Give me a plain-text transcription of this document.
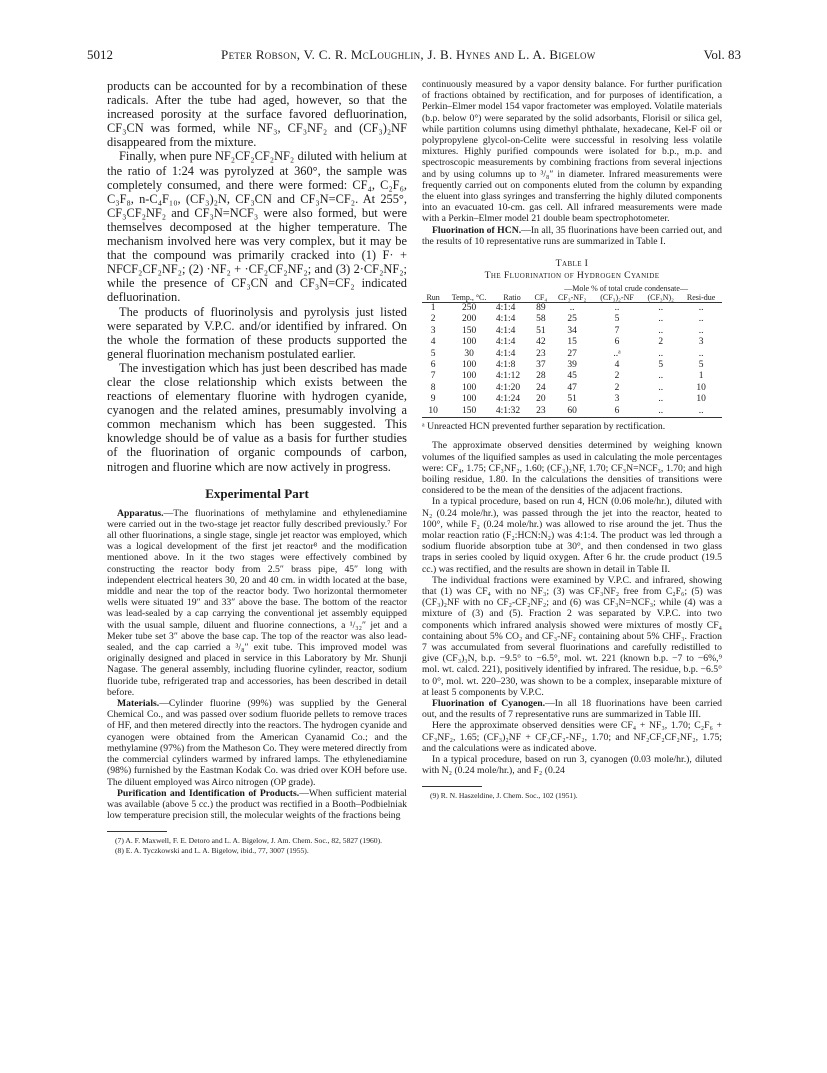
5012	Peter Robson, V. C. R. McLoughlin, J. B. Hynes and L. A. Bigelow	Vol. 83

products can be accounted for by a recombination of these radicals. After the tube had aged, however, so that the increased porosity at the surface favored defluorination, CF₃CN was formed, while NF₃, CF₃NF₂ and (CF₃)₂NF disappeared from the mixture.

Finally, when pure NF₂CF₂CF₂NF₂ diluted with helium at the ratio of 1:24 was pyrolyzed at 360°, the sample was completely consumed, and there were formed: CF₄, C₂F₆, C₃F₈, n-C₄F₁₀, (CF₃)₂N, CF₃CN and CF₃N=CF₂. At 255°, CF₃CF₂NF₂ and CF₃N=NCF₃ were also formed, but were themselves decomposed at the higher temperature. The mechanism involved here was very complex, but it may be that the compound was primarily cracked into (1) F· + NFCF₂CF₂NF₂; (2) ·NF₂ + ·CF₂CF₂NF₂; and (3) 2·CF₂NF₂; while the presence of CF₃CN and CF₃N=CF₂ indicated defluorination.

The products of fluorinolysis and pyrolysis just listed were separated by V.P.C. and/or identified by infrared. On the whole the formation of these products supported the general fluorination mechanism postulated earlier.

The investigation which has just been described has made clear the close relationship which exists between the reactions of elementary fluorine with hydrogen cyanide, cyanogen and the related amines, presumably involving a common mechanism which has been suggested. This knowledge should be of value as a basis for further studies of the fluorination of organic compounds of carbon, nitrogen and fluorine which are now actively in progress.

Experimental Part

Apparatus.—The fluorinations of methylamine and ethylenediamine were carried out in the two-stage jet reactor fully described previously.⁷ For all other fluorinations, a single stage, single jet reactor was employed, which was a logical development of the first jet reactor⁸ and the modification mentioned above. In it the two stages were effectively combined by constructing the reactor body from 2.5″ brass pipe, 45″ long with independent electrical heaters 30, 20 and 40 cm. in width located at the base, middle and near the top of the reactor body. Two horizontal thermometer wells were situated 19″ and 33″ above the base. The bottom of the reactor was lead-sealed by a cap carrying the conventional jet assembly equipped with the usual sample, diluent and fluorine connections, a ¹/₃₂″ jet and a Meker tube set 3″ above the base cap. The top of the reactor was also lead-sealed, and the cap carried a ³/₈″ exit tube. This improved model was originally designed and placed in service in this Laboratory by Mr. Shunji Nagase. The general assembly, including fluorine cylinder, reactor, sodium fluoride tube, refrigerated trap and accessories, has been described in detail before.

Materials.—Cylinder fluorine (99%) was supplied by the General Chemical Co., and was passed over sodium fluoride pellets to remove traces of HF, and then metered directly into the reactors. The hydrogen cyanide and cyanogen were obtained from the American Cyanamid Co.; and the methylamine (97%) from the Matheson Co. They were metered directly from the commercial cylinders warmed by infrared lamps. The ethylenediamine (98%) furnished by the Eastman Kodak Co. was dried over KOH before use. The diluent employed was Airco nitrogen (OP grade).

Purification and Identification of Products.—When sufficient material was available (above 5 cc.) the product was rectified in a Booth–Podbielniak low temperature precision still, the molecular weights of the fractions being

(7) A. F. Maxwell, F. E. Detoro and L. A. Bigelow, J. Am. Chem. Soc., 82, 5827 (1960).

(8) E. A. Tyczkowski and L. A. Bigelow, ibid., 77, 3007 (1955).

continuously measured by a vapor density balance. For further purification of fractions obtained by rectification, and for purposes of identification, a Perkin–Elmer model 154 vapor fractometer was employed. Volatile materials (b.p. below 0°) were separated by the solid adsorbants, Florisil or silica gel, while partition columns using dimethyl phthalate, hexadecane, Kel-F oil or polypropylene glycol-on-Celite were successful in resolving less volatile mixtures. Highly purified compounds were isolated for b.p., m.p. and spectroscopic measurements by combining fractions from several injections and by using columns up to ³/₈″ in diameter. Infrared measurements were frequently carried out on components eluted from the column by expanding the eluent into glass syringes and transferring the highly diluted components into an evacuated 10-cm. gas cell. All infrared measurements were made with a Perkin–Elmer model 21 double beam spectrophotometer.

Fluorination of HCN.—In all, 35 fluorinations have been carried out, and the results of 10 representative runs are summarized in Table I.

Table I
The Fluorination of Hydrogen Cyanide
			—Mole % of total crude condensate—				
Run	Temp., °C.	Ratio	CF₄	CF₃-NF₂	(CF₃)₂-NF	(CF₃N)₂	Resi-due
1	250	4:1:4	89	..	..	..	..
2	200	4:1:4	58	25	5	..	..
3	150	4:1:4	51	34	7	..	..
4	100	4:1:4	42	15	6	2	3
5	30	4:1:4	23	27	..ᵃ	..	..
6	100	4:1:8	37	39	4	5	5
7	100	4:1:12	28	45	2	..	1
8	100	4:1:20	24	47	2	..	10
9	100	4:1:24	20	51	3	..	10
10	150	4:1:32	23	60	6	..	..
ᵃ Unreacted HCN prevented further separation by rectification.

The approximate observed densities determined by weighing known volumes of the liquified samples as used in calculating the mole percentages were: CF₄, 1.75; CF₃NF₂, 1.60; (CF₃)₂NF, 1.70; CF₃N=NCF₃, 1.70; and high boiling residue, 1.80. In the calculations the densities of transitions were considered to be the mean of the densities of the adjacent fractions.

In a typical procedure, based on run 4, HCN (0.06 mole/hr.), diluted with N₂ (0.24 mole/hr.), was passed through the jet into the reactor, heated to 100°, while F₂ (0.24 mole/hr.) was allowed to rise around the jet. Thus the molar reaction ratio (F₂:HCN:N₂) was 4:1:4. The product was led through a sodium fluoride absorption tube at 30°, and then condensed in two glass traps in series cooled by liquid oxygen. After 6 hr. the crude product (19.5 cc.) was rectified, and the results are shown in detail in Table II.

The individual fractions were examined by V.P.C. and infrared, showing that (1) was CF₄ with no NF₃; (3) was CF₃NF₂ free from C₂F₆; (5) was (CF₃)₂NF with no CF₂-CF₂NF₂; and (6) was CF₃N=NCF₃; while (4) was a mixture of (3) and (5). Fraction 2 was separated by V.P.C. into two components which infrared analysis showed were mixtures of mostly CF₄ containing about 5% CO₂ and CF₃-NF₂ containing about 5% CHF₃. Fraction 7 was accumulated from several fluorinations and carefully redistilled to give (CF₃)₃N, b.p. −9.5° to −6.5°, mol. wt. 221 (known b.p. −7 to −6%,⁹ mol. wt. calcd. 221), positively identified by infrared. The residue, b.p. −6.5° to 0°, mol. wt. 220–230, was shown to be a complex, inseparable mixture of at least 5 components by V.P.C.

Fluorination of Cyanogen.—In all 18 fluorinations have been carried out, and the results of 7 representative runs are summarized in Table III.

Here the approximate observed densities were CF₄ + NF₃, 1.70; C₂F₆ + CF₃NF₂, 1.65; (CF₃)₂NF + CF₂CF₂-NF₂, 1.70; and NF₂CF₂CF₂NF₂, 1.75; and the calculations were as indicated above.

In a typical procedure, based on run 3, cyanogen (0.03 mole/hr.), diluted with N₂ (0.24 mole/hr.), and F₂ (0.24

(9) R. N. Haszeldine, J. Chem. Soc., 102 (1951).
